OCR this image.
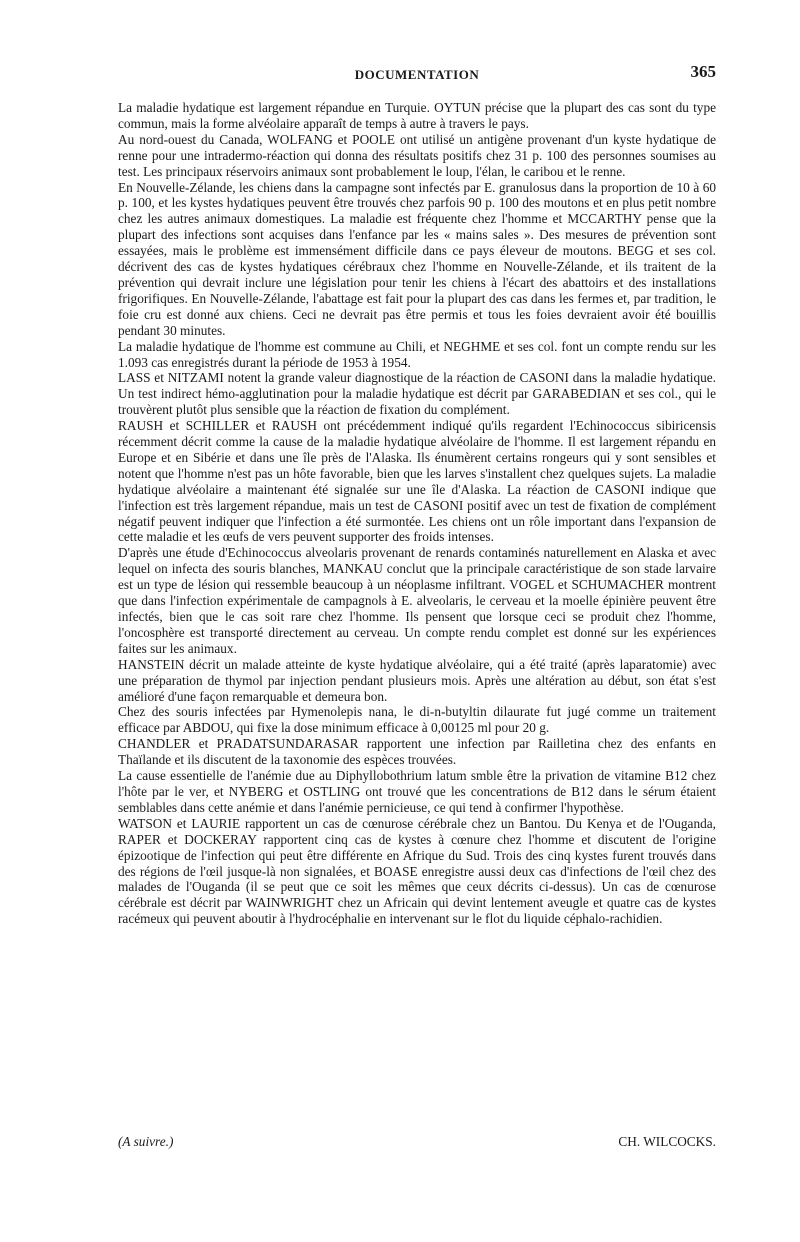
DOCUMENTATION	365

La maladie hydatique est largement répandue en Turquie. OYTUN précise que la plupart des cas sont du type commun, mais la forme alvéolaire apparaît de temps à autre à travers le pays.

Au nord-ouest du Canada, WOLFANG et POOLE ont utilisé un antigène provenant d'un kyste hydatique de renne pour une intradermo-réaction qui donna des résultats positifs chez 31 p. 100 des personnes soumises au test. Les principaux réservoirs animaux sont probablement le loup, l'élan, le caribou et le renne.

En Nouvelle-Zélande, les chiens dans la campagne sont infectés par E. granulosus dans la proportion de 10 à 60 p. 100, et les kystes hydatiques peuvent être trouvés chez parfois 90 p. 100 des moutons et en plus petit nombre chez les autres animaux domestiques. La maladie est fréquente chez l'homme et MCCARTHY pense que la plupart des infections sont acquises dans l'enfance par les « mains sales ». Des mesures de prévention sont essayées, mais le problème est immensément difficile dans ce pays éleveur de moutons. BEGG et ses col. décrivent des cas de kystes hydatiques cérébraux chez l'homme en Nouvelle-Zélande, et ils traitent de la prévention qui devrait inclure une législation pour tenir les chiens à l'écart des abattoirs et des installations frigorifiques. En Nouvelle-Zélande, l'abattage est fait pour la plupart des cas dans les fermes et, par tradition, le foie cru est donné aux chiens. Ceci ne devrait pas être permis et tous les foies devraient avoir été bouillis pendant 30 minutes.

La maladie hydatique de l'homme est commune au Chili, et NEGHME et ses col. font un compte rendu sur les 1.093 cas enregistrés durant la période de 1953 à 1954.

LASS et NITZAMI notent la grande valeur diagnostique de la réaction de CASONI dans la maladie hydatique. Un test indirect hémo-agglutination pour la maladie hydatique est décrit par GARABEDIAN et ses col., qui le trouvèrent plutôt plus sensible que la réaction de fixation du complément.

RAUSH et SCHILLER et RAUSH ont précédemment indiqué qu'ils regardent l'Echinococcus sibiricensis récemment décrit comme la cause de la maladie hydatique alvéolaire de l'homme. Il est largement répandu en Europe et en Sibérie et dans une île près de l'Alaska. Ils énumèrent certains rongeurs qui y sont sensibles et notent que l'homme n'est pas un hôte favorable, bien que les larves s'installent chez quelques sujets. La maladie hydatique alvéolaire a maintenant été signalée sur une île d'Alaska. La réaction de CASONI indique que l'infection est très largement répandue, mais un test de CASONI positif avec un test de fixation de complément négatif peuvent indiquer que l'infection a été surmontée. Les chiens ont un rôle important dans l'expansion de cette maladie et les œufs de vers peuvent supporter des froids intenses.

D'après une étude d'Echinococcus alveolaris provenant de renards contaminés naturellement en Alaska et avec lequel on infecta des souris blanches, MANKAU conclut que la principale caractéristique de son stade larvaire est un type de lésion qui ressemble beaucoup à un néoplasme infiltrant. VOGEL et SCHUMACHER montrent que dans l'infection expérimentale de campagnols à E. alveolaris, le cerveau et la moelle épinière peuvent être infectés, bien que le cas soit rare chez l'homme. Ils pensent que lorsque ceci se produit chez l'homme, l'oncosphère est transporté directement au cerveau. Un compte rendu complet est donné sur les expériences faites sur les animaux.

HANSTEIN décrit un malade atteinte de kyste hydatique alvéolaire, qui a été traité (après laparatomie) avec une préparation de thymol par injection pendant plusieurs mois. Après une altération au début, son état s'est amélioré d'une façon remarquable et demeura bon.

Chez des souris infectées par Hymenolepis nana, le di-n-butyltin dilaurate fut jugé comme un traitement efficace par ABDOU, qui fixe la dose minimum efficace à 0,00125 ml pour 20 g.

CHANDLER et PRADATSUNDARASAR rapportent une infection par Railletina chez des enfants en Thaïlande et ils discutent de la taxonomie des espèces trouvées.

La cause essentielle de l'anémie due au Diphyllobothrium latum smble être la privation de vitamine B12 chez l'hôte par le ver, et NYBERG et OSTLING ont trouvé que les concentrations de B12 dans le sérum étaient semblables dans cette anémie et dans l'anémie pernicieuse, ce qui tend à confirmer l'hypothèse.

WATSON et LAURIE rapportent un cas de cœnurose cérébrale chez un Bantou. Du Kenya et de l'Ouganda, RAPER et DOCKERAY rapportent cinq cas de kystes à cœnure chez l'homme et discutent de l'origine épizootique de l'infection qui peut être différente en Afrique du Sud. Trois des cinq kystes furent trouvés dans des régions de l'œil jusque-là non signalées, et BOASE enregistre aussi deux cas d'infections de l'œil chez des malades de l'Ouganda (il se peut que ce soit les mêmes que ceux décrits ci-dessus). Un cas de cœnurose cérébrale est décrit par WAINWRIGHT chez un Africain qui devint lentement aveugle et quatre cas de kystes racémeux qui peuvent aboutir à l'hydrocéphalie en intervenant sur le flot du liquide céphalo-rachidien.

(A suivre.)	CH. WILCOCKS.
